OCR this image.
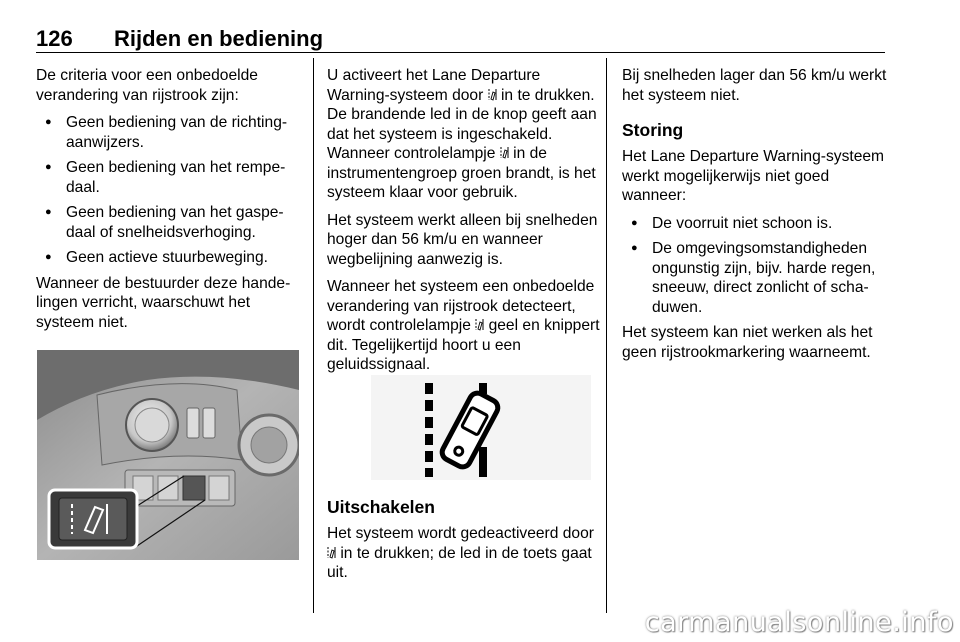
126 Rijden en bediening

De criteria voor een onbedoelde verandering van rijstrook zijn:

● Geen bediening van de richtingaanwijzers.
● Geen bediening van het rempedaal.
● Geen bediening van het gaspedaal of snelheidsverhoging.
● Geen actieve stuurbeweging.

Wanneer de bestuurder deze handelingen verricht, waarschuwt het systeem niet.

U activeert het Lane Departure Warning-systeem door in te drukken. De brandende led in de knop geeft aan dat het systeem is ingeschakeld. Wanneer controlelampje in de instrumentengroep groen brandt, is het systeem klaar voor gebruik.

Het systeem werkt alleen bij snelheden hoger dan 56 km/u en wanneer wegbelijning aanwezig is.

Wanneer het systeem een onbedoelde verandering van rijstrook detecteert, wordt controlelampje geel en knippert dit. Tegelijkertijd hoort u een geluidssignaal.

Uitschakelen

Het systeem wordt gedeactiveerd door  in te drukken; de led in de toets gaat uit.

Bij snelheden lager dan 56 km/u werkt het systeem niet.

Storing

Het Lane Departure Warning-systeem werkt mogelijkerwijs niet goed wanneer:

● De voorruit niet schoon is.
● De omgevingsomstandigheden ongunstig zijn, bijv. harde regen, sneeuw, direct zonlicht of schaduwen.

Het systeem kan niet werken als het geen rijstrookmarkering waarneemt.

carmanualsonline.info
